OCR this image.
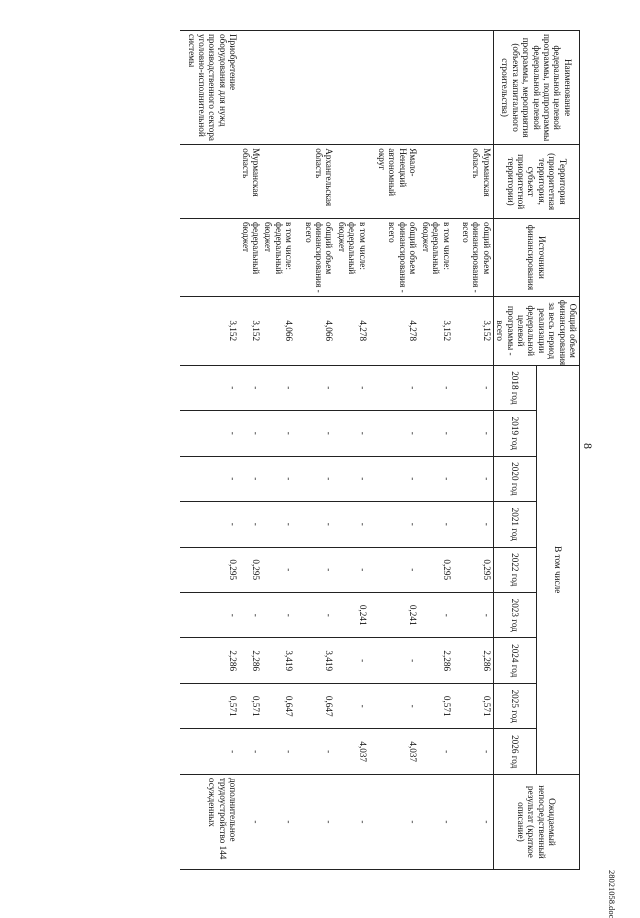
8
28021058.doc
Наименование федеральной целевой программы, подпрограммы федеральной целевой программы, мероприятия (объекта капитального строительства)	Территория (приоритетная территория, субъект приоритетной территории)	Источники финансирования	Общий объем финансирования за весь период реализации федеральной целевой программы - всего	В том числе									Ожидаемый непосредственный результат (краткое описание)
				2018 год	2019 год	2020 год	2021 год	2022 год	2023 год	2024 год	2025 год	2026 год	
	Мурманская область	общий объем финансирования - всего	3,152	-	-	-	-	0,295	-	2,286	0,571	-	-
		в том числе: федеральный бюджет	3,152	-	-	-	-	0,295	-	2,286	0,571	-	-
	Ямало-Ненецкий автономный округ	общий объем финансирования - всего	4,278	-	-	-	-	-	0,241	-	-	4,037	-
		в том числе: федеральный бюджет	4,278	-	-	-	-	-	0,241	-	-	4,037	-
	Архангельская область	общий объем финансирования - всего	4,066	-	-	-	-	-	-	3,419	0,647	-	-
		в том числе: федеральный бюджет	4,066	-	-	-	-	-	-	3,419	0,647	-	-
	Мурманская область	федеральный бюджет	3,152	-	-	-	-	0,295	-	2,286	0,571	-	-
Приобретение оборудования для нужд производственного сектора уголовно-исполнительной системы			3,152	-	-	-	-	0,295	-	2,286	0,571	-	дополнительное трудоустройство 144 осужденных
